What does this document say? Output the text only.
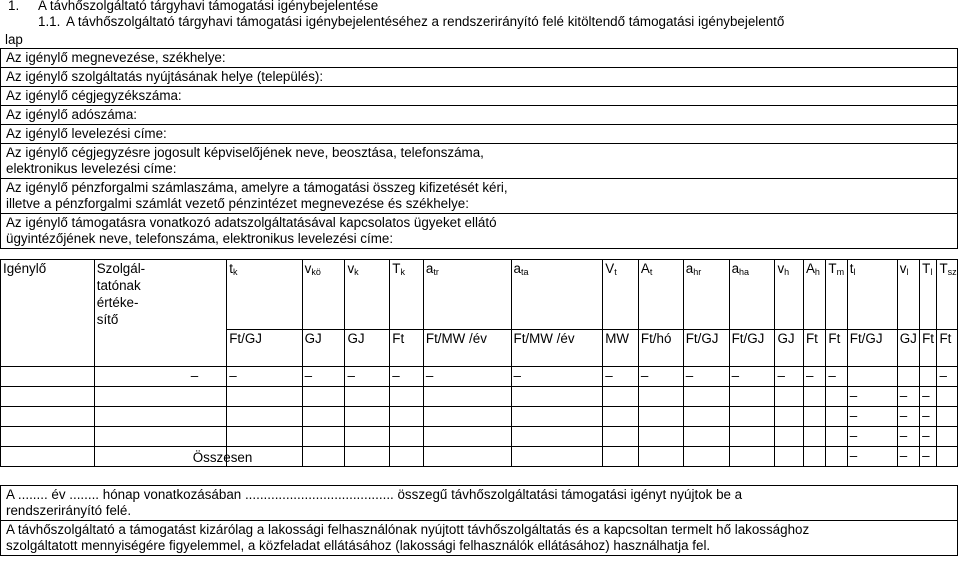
1. A távhőszolgáltató tárgyhavi támogatási igénybejelentése
1.1. A távhőszolgáltató tárgyhavi támogatási igénybejelentéséhez a rendszerirányító felé kitöltendő támogatási igénybejelentő
lap
Az igénylő megnevezése, székhelye:
Az igénylő szolgáltatás nyújtásának helye (település):
Az igénylő cégjegyzékszáma:
Az igénylő adószáma:
Az igénylő levelezési címe:

Az igénylő cégjegyzésre jogosult képviselőjének neve, beosztása, telefonszáma,
elektronikus levelezési címe:

Az igénylő pénzforgalmi számlaszáma, amelyre a támogatási összeg kifizetését kéri,
illetve a pénzforgalmi számlát vezető pénzintézet megnevezése és székhelye:

Az igénylő támogatásra vonatkozó adatszolgáltatásával kapcsolatos ügyeket ellátó
ügyintézőjének neve, telefonszáma, elektronikus levelezési címe:
Igénylő	Szolgál-
tatónak
értéke-
sítő	$t_k$	$v_{kö}$	$v_k$	$T_k$	$a_{tr}$	$a_{ta}$	$V_t$	$A_t$	$a_{hr}$	$a_{ha}$	$v_h$	$A_h$	$T_m$	$t_l$	$v_l$	$T_l$	$T_{sz}$
		Ft/GJ	GJ	GJ	Ft	Ft/MW /év	Ft/MW /év	MW	Ft/hó	Ft/GJ	Ft/GJ	GJ	Ft	Ft	Ft/GJ	GJ	Ft	Ft
	–	–	–	–	–	–	–	–	–	–	–	–	–	–				–
															–	–	–	
															–	–	–	
															–	–	–	
	Összesen														–	–	–	
A ........ év ........ hónap vonatkozásában ........................................ összegű távhőszolgáltatási támogatási igényt nyújtok be a
rendszerirányító felé.

A távhőszolgáltató a támogatást kizárólag a lakossági felhasználónak nyújtott távhőszolgáltatás és a kapcsoltan termelt hő lakossághoz
szolgáltatott mennyiségére figyelemmel, a közfeladat ellátásához (lakossági felhasználók ellátásához) használhatja fel.
